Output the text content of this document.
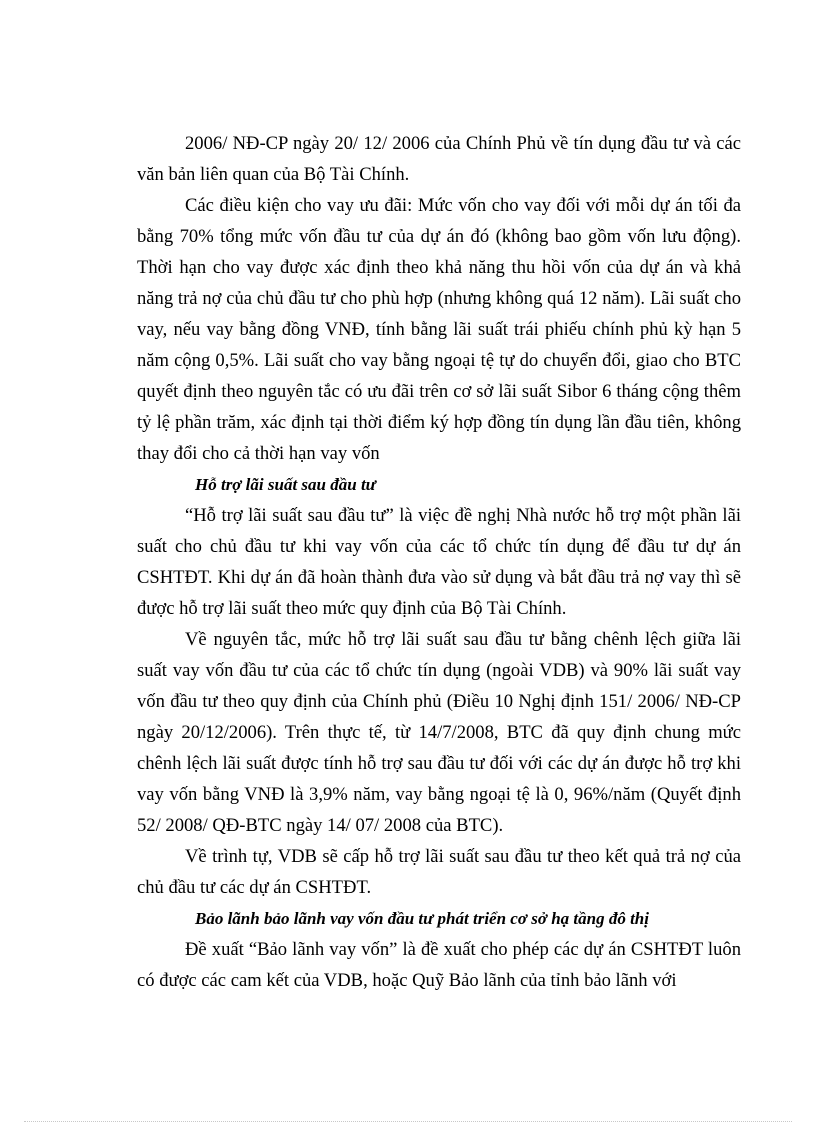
2006/ NĐ-CP ngày 20/ 12/ 2006 của Chính Phủ về tín dụng đầu tư và các văn bản liên quan của Bộ Tài Chính.

Các điều kiện cho vay ưu đãi: Mức vốn cho vay đối với mỗi dự án tối đa bằng 70% tổng mức vốn đầu tư của dự án đó (không bao gồm vốn lưu động). Thời hạn cho vay được xác định theo khả năng thu hồi vốn của dự án và khả năng trả nợ của chủ đầu tư cho phù hợp (nhưng không quá 12 năm). Lãi suất cho vay, nếu vay bằng đồng VNĐ, tính bằng lãi suất trái phiếu chính phủ kỳ hạn 5 năm cộng 0,5%. Lãi suất cho vay bằng ngoại tệ tự do chuyển đổi, giao cho BTC quyết định theo nguyên tắc có ưu đãi trên cơ sở lãi suất Sibor 6 tháng cộng thêm tỷ lệ phần trăm, xác định tại thời điểm ký hợp đồng tín dụng lần đầu tiên, không thay đổi cho cả thời hạn vay vốn

Hỗ trợ lãi suất sau đầu tư

“Hỗ trợ lãi suất sau đầu tư” là việc đề nghị Nhà nước hỗ trợ một phần lãi suất cho chủ đầu tư khi vay vốn của các tổ chức tín dụng để đầu tư dự án CSHTĐT. Khi dự án đã hoàn thành đưa vào sử dụng và bắt đầu trả nợ vay thì sẽ được hỗ trợ lãi suất theo mức quy định của Bộ Tài Chính.

Về nguyên tắc, mức hỗ trợ lãi suất sau đầu tư bằng chênh lệch giữa lãi suất vay vốn đầu tư của các tổ chức tín dụng (ngoài VDB) và 90% lãi suất vay vốn đầu tư theo quy định của Chính phủ (Điều 10 Nghị định 151/ 2006/ NĐ-CP ngày 20/12/2006). Trên thực tế, từ 14/7/2008, BTC đã quy định chung mức chênh lệch lãi suất được tính hỗ trợ sau đầu tư đối với các dự án được hỗ trợ khi vay vốn bằng VNĐ là 3,9% năm, vay bằng ngoại tệ là 0, 96%/năm (Quyết định 52/ 2008/ QĐ-BTC ngày 14/ 07/ 2008 của BTC).

Về trình tự, VDB sẽ cấp hỗ trợ lãi suất sau đầu tư theo kết quả trả nợ của chủ đầu tư các dự án CSHTĐT.

Bảo lãnh bảo lãnh vay vốn đầu tư phát triển cơ sở hạ tầng đô thị

Đề xuất “Bảo lãnh vay vốn” là đề xuất cho phép các dự án CSHTĐT luôn có được các cam kết của VDB, hoặc Quỹ Bảo lãnh của tỉnh bảo lãnh với
